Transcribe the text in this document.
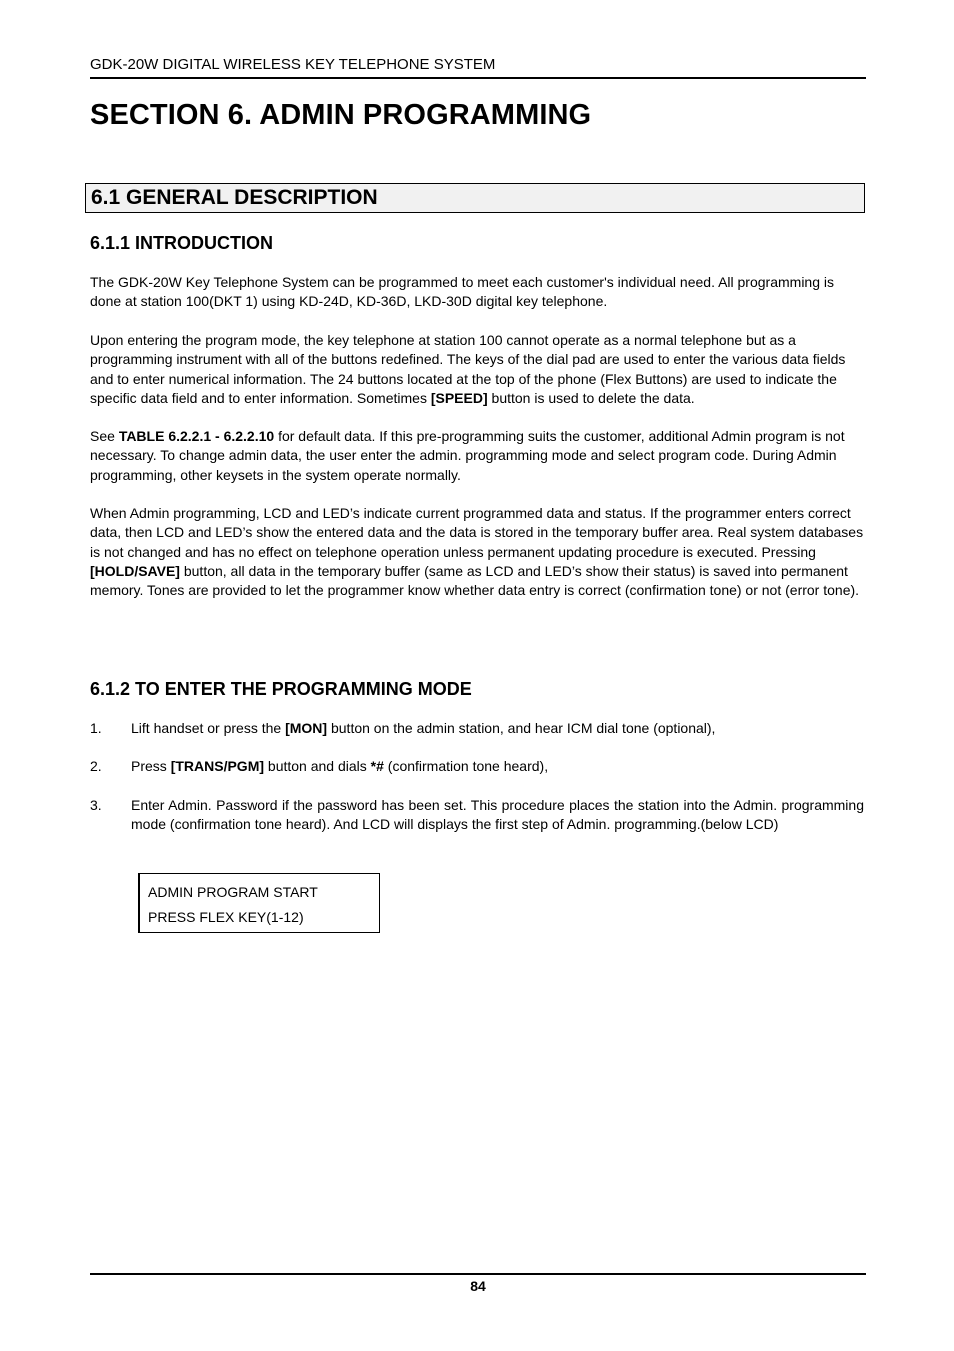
GDK-20W DIGITAL WIRELESS KEY TELEPHONE SYSTEM
SECTION 6. ADMIN PROGRAMMING
6.1 GENERAL DESCRIPTION
6.1.1 INTRODUCTION

The GDK-20W Key Telephone System can be programmed to meet each customer's individual need. All programming is done at station 100(DKT 1) using KD-24D, KD-36D, LKD-30D digital key telephone.

Upon entering the program mode, the key telephone at station 100 cannot operate as a normal telephone but as a programming instrument with all of the buttons redefined. The keys of the dial pad are used to enter the various data fields and to enter numerical information. The 24 buttons located at the top of the phone (Flex Buttons) are used to indicate the specific data field and to enter information. Sometimes [SPEED] button is used to delete the data.

See TABLE 6.2.2.1 - 6.2.2.10 for default data. If this pre-programming suits the customer, additional Admin program is not necessary. To change admin data, the user enter the admin. programming mode and select program code. During Admin programming, other keysets in the system operate normally.

When Admin programming, LCD and LED’s indicate current programmed data and status. If the programmer enters correct data, then LCD and LED’s show the entered data and the data is stored in the temporary buffer area. Real system databases is not changed and has no effect on telephone operation unless permanent updating procedure is executed. Pressing [HOLD/SAVE] button, all data in the temporary buffer (same as LCD and LED’s show their status) is saved into permanent memory. Tones are provided to let the programmer know whether data entry is correct (confirmation tone) or not (error tone).

6.1.2 TO ENTER THE PROGRAMMING MODE
1. Lift handset or press the [MON] button on the admin station, and hear ICM dial tone (optional),
2. Press [TRANS/PGM] button and dials *# (confirmation tone heard),
3. Enter Admin. Password if the password has been set. This procedure places the station into the Admin. programming mode (confirmation tone heard). And LCD will displays the first step of Admin. programming.(below LCD)
ADMIN PROGRAM START
PRESS FLEX KEY(1-12)
84
